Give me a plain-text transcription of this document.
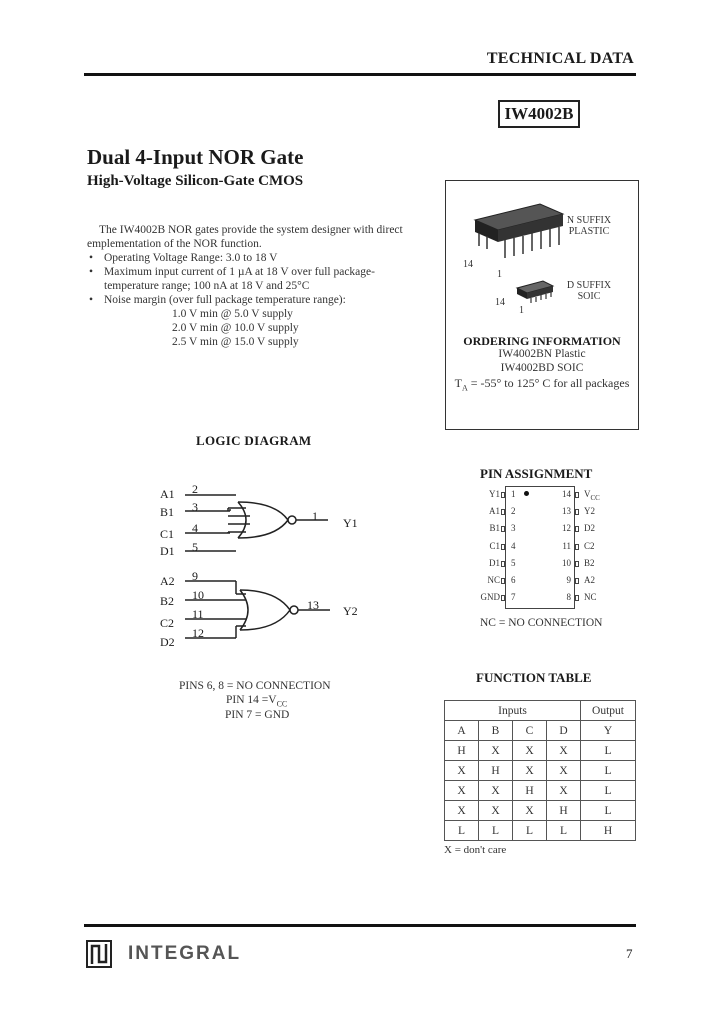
TECHNICAL DATA
IW4002B
Dual 4-Input NOR Gate
High-Voltage Silicon-Gate CMOS
The IW4002B NOR gates provide the system designer with direct
emplementation of the NOR function.
• Operating Voltage Range: 3.0 to 18 V
• Maximum input current of 1 µA at 18 V over full package-
temperature range; 100 nA at 18 V and 25°C
• Noise margin (over full package temperature range):
1.0 V min @ 5.0 V supply
2.0 V min @ 10.0 V supply
2.5 V min @ 15.0 V supply
N SUFFIX
PLASTIC
D SUFFIX
SOIC
14
1
14
1
ORDERING INFORMATION
IW4002BN Plastic
IW4002BD SOIC
$T_A = -55^\circ$ to 125° C for all packages
LOGIC DIAGRAM
A1
B1
C1
D1
2
3
4
5
1 Y1
A2
B2
C2
D2
9
10
11
12
13 Y2
PINS 6, 8 = NO CONNECTION
PIN $14 =V_{CC}$
PIN 7 = GND
PIN ASSIGNMENT
Y1 1	14 $V_{CC}$
A1 2	13 Y2
B1 3	12 D2
C1 4	11 C2
D1 5	10 B2
NC 6	9 A2
GND 7	8 NC
NC = NO CONNECTION
FUNCTION TABLE
Inputs				Output
A	B	C	D	Y
H	X	X	X	L
X	H	X	X	L
X	X	H	X	L
X	X	X	H	L
L	L	L	L	H
X = don't care
INTEGRAL	7
